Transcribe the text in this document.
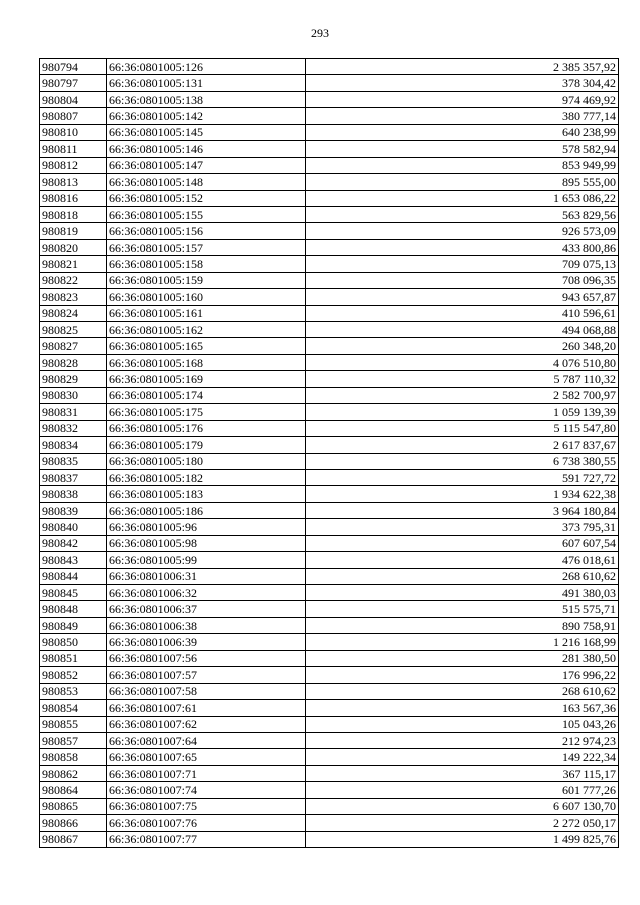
293
980794	66:36:0801005:126	2 385 357,92
980797	66:36:0801005:131	378 304,42
980804	66:36:0801005:138	974 469,92
980807	66:36:0801005:142	380 777,14
980810	66:36:0801005:145	640 238,99
980811	66:36:0801005:146	578 582,94
980812	66:36:0801005:147	853 949,99
980813	66:36:0801005:148	895 555,00
980816	66:36:0801005:152	1 653 086,22
980818	66:36:0801005:155	563 829,56
980819	66:36:0801005:156	926 573,09
980820	66:36:0801005:157	433 800,86
980821	66:36:0801005:158	709 075,13
980822	66:36:0801005:159	708 096,35
980823	66:36:0801005:160	943 657,87
980824	66:36:0801005:161	410 596,61
980825	66:36:0801005:162	494 068,88
980827	66:36:0801005:165	260 348,20
980828	66:36:0801005:168	4 076 510,80
980829	66:36:0801005:169	5 787 110,32
980830	66:36:0801005:174	2 582 700,97
980831	66:36:0801005:175	1 059 139,39
980832	66:36:0801005:176	5 115 547,80
980834	66:36:0801005:179	2 617 837,67
980835	66:36:0801005:180	6 738 380,55
980837	66:36:0801005:182	591 727,72
980838	66:36:0801005:183	1 934 622,38
980839	66:36:0801005:186	3 964 180,84
980840	66:36:0801005:96	373 795,31
980842	66:36:0801005:98	607 607,54
980843	66:36:0801005:99	476 018,61
980844	66:36:0801006:31	268 610,62
980845	66:36:0801006:32	491 380,03
980848	66:36:0801006:37	515 575,71
980849	66:36:0801006:38	890 758,91
980850	66:36:0801006:39	1 216 168,99
980851	66:36:0801007:56	281 380,50
980852	66:36:0801007:57	176 996,22
980853	66:36:0801007:58	268 610,62
980854	66:36:0801007:61	163 567,36
980855	66:36:0801007:62	105 043,26
980857	66:36:0801007:64	212 974,23
980858	66:36:0801007:65	149 222,34
980862	66:36:0801007:71	367 115,17
980864	66:36:0801007:74	601 777,26
980865	66:36:0801007:75	6 607 130,70
980866	66:36:0801007:76	2 272 050,17
980867	66:36:0801007:77	1 499 825,76
